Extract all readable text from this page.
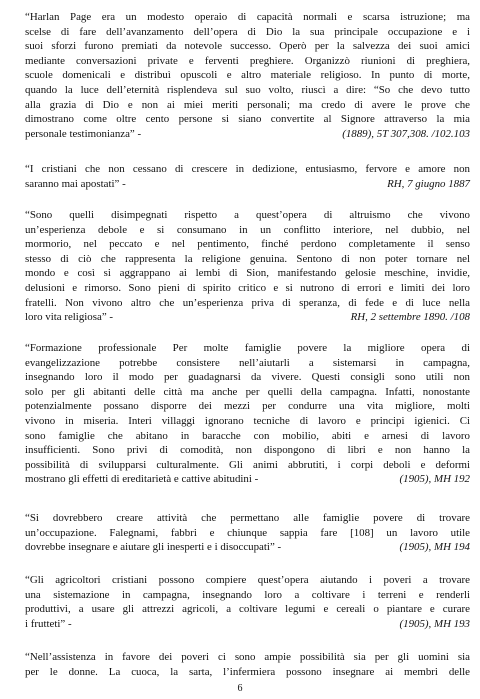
“Harlan Page era un modesto operaio di capacità normali e scarsa istruzione; ma
scelse di fare dell’avanzamento dell’opera di Dio la sua principale occupazione e i
suoi sforzi furono premiati da notevole successo. Operò per la salvezza dei suoi amici
mediante conversazioni private e ferventi preghiere. Organizzò riunioni di preghiera,
scuole domenicali e distribuì opuscoli e altro materiale religioso. In punto di morte,
quando la luce dell’eternità risplendeva sul suo volto, riuscì a dire: “So che devo tutto
alla grazia di Dio e non ai miei meriti personali; ma credo di avere le prove che
dimostrano come oltre cento persone si siano convertite al Signore attraverso la mia
personale testimonianza” -	(1889), 5T 307,308. /102.103
“I cristiani che non cessano di crescere in dedizione, entusiasmo, fervore e amore non
saranno mai apostati” -	RH, 7 giugno 1887
“Sono quelli disimpegnati rispetto a quest’opera di altruismo che vivono
un’esperienza debole e si consumano in un conflitto interiore, nel dubbio, nel
mormorio, nel peccato e nel pentimento, finché perdono completamente il senso
stesso di ciò che rappresenta la religione genuina. Sentono di non poter tornare nel
mondo e così si aggrappano ai lembi di Sion, manifestando gelosie meschine, invidie,
delusioni e rimorso. Sono pieni di spirito critico e si nutrono di errori e limiti dei loro
fratelli. Non vivono altro che un’esperienza priva di speranza, di fede e di luce nella
loro vita religiosa” -	RH, 2 settembre 1890. /108
“Formazione professionale Per molte famiglie povere la migliore opera di
evangelizzazione potrebbe consistere nell’aiutarli a sistemarsi in campagna,
insegnando loro il modo per guadagnarsi da vivere. Questi consigli sono utili non
solo per gli abitanti delle città ma anche per quelli della campagna. Infatti, nonostante
potenzialmente possano disporre dei mezzi per condurre una vita migliore, molti
vivono in miseria. Interi villaggi ignorano tecniche di lavoro e principi igienici. Ci
sono famiglie che abitano in baracche con mobilio, abiti e arnesi di lavoro
insufficienti. Sono privi di comodità, non dispongono di libri e non hanno la
possibilità di svilupparsi culturalmente. Gli animi abbrutiti, i corpi deboli e deformi
mostrano gli effetti di ereditarietà e cattive abitudini -	(1905), MH 192
“Si dovrebbero creare attività che permettano alle famiglie povere di trovare
un’occupazione. Falegnami, fabbri e chiunque sappia fare [108] un lavoro utile
dovrebbe insegnare e aiutare gli inesperti e i disoccupati” -	(1905), MH 194
“Gli agricoltori cristiani possono compiere quest’opera aiutando i poveri a trovare
una sistemazione in campagna, insegnando loro a coltivare i terreni e renderli
produttivi, a usare gli attrezzi agricoli, a coltivare legumi e cereali o piantare e curare
i frutteti” -	(1905), MH 193
“Nell’assistenza in favore dei poveri ci sono ampie possibilità sia per gli uomini sia
per le donne. La cuoca, la sarta, l’infermiera possono insegnare ai membri delle
6
